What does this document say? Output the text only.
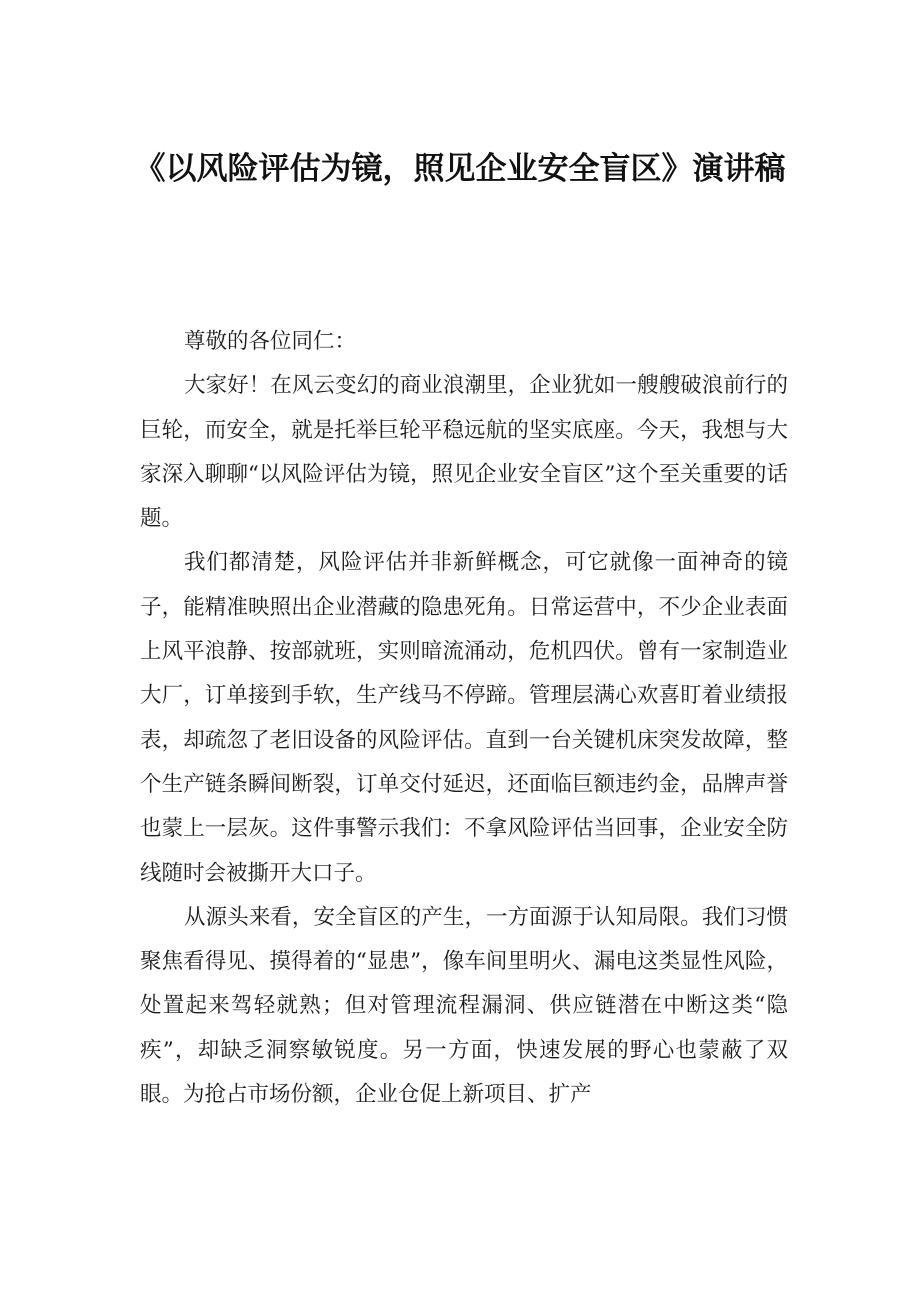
《以风险评估为镜，照见企业安全盲区》演讲稿

尊敬的各位同仁：

大家好！在风云变幻的商业浪潮里，企业犹如一艘艘破浪前行的巨轮，而安全，就是托举巨轮平稳远航的坚实底座。今天，我想与大家深入聊聊“以风险评估为镜，照见企业安全盲区”这个至关重要的话题。

我们都清楚，风险评估并非新鲜概念，可它就像一面神奇的镜子，能精准映照出企业潜藏的隐患死角。日常运营中，不少企业表面上风平浪静、按部就班，实则暗流涌动，危机四伏。曾有一家制造业大厂，订单接到手软，生产线马不停蹄。管理层满心欢喜盯着业绩报表，却疏忽了老旧设备的风险评估。直到一台关键机床突发故障，整个生产链条瞬间断裂，订单交付延迟，还面临巨额违约金，品牌声誉也蒙上一层灰。这件事警示我们：不拿风险评估当回事，企业安全防线随时会被撕开大口子。

从源头来看，安全盲区的产生，一方面源于认知局限。我们习惯聚焦看得见、摸得着的“显患”，像车间里明火、漏电这类显性风险，处置起来驾轻就熟；但对管理流程漏洞、供应链潜在中断这类“隐疾”，却缺乏洞察敏锐度。另一方面，快速发展的野心也蒙蔽了双眼。为抢占市场份额，企业仓促上新项目、扩产
